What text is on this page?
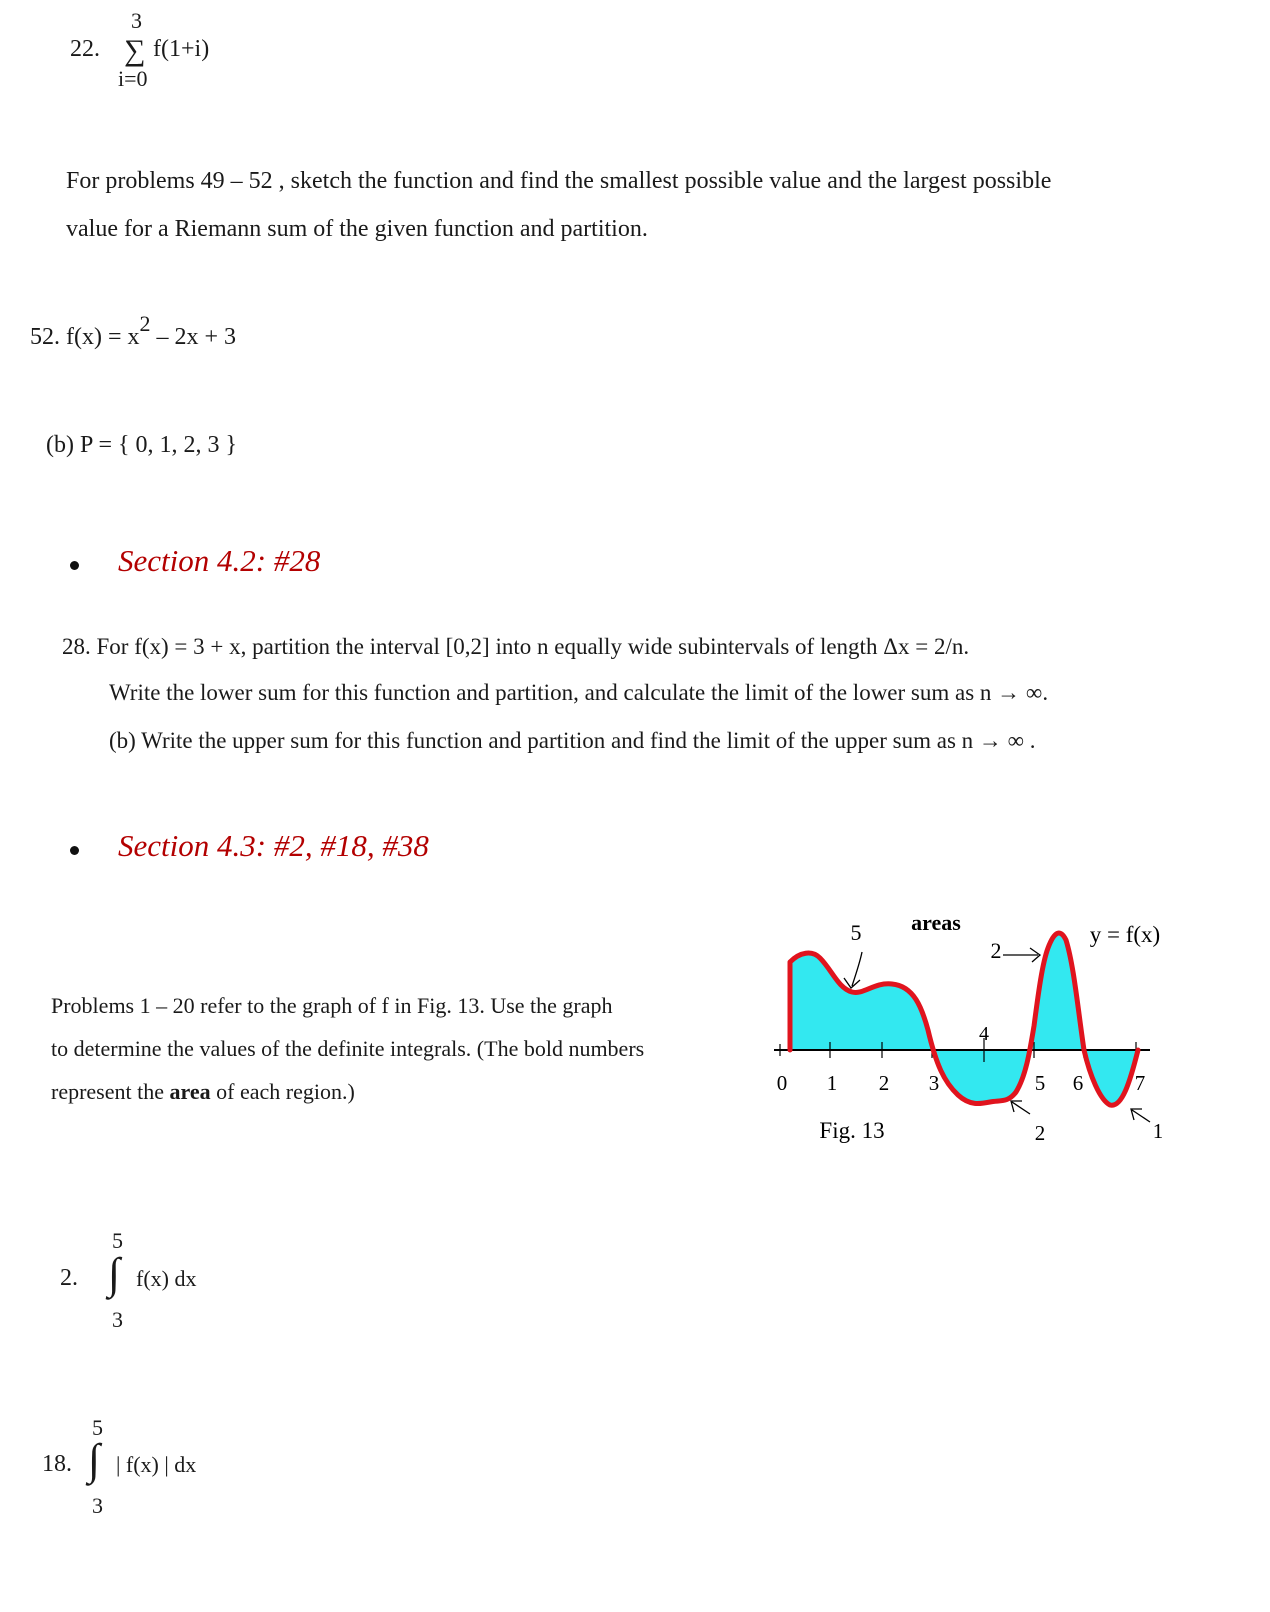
22.
3
∑ f(1+i)
i=0
For problems 49 – 52 , sketch the function and find the smallest possible value and the largest possible
value for a Riemann sum of the given function and partition.
52. $f(x) = x^2 - 2x + 3$
(b) P = { 0, 1, 2, 3 }
Section 4.2: #28
28. For f(x) = 3 + x, partition the interval [0,2] into n equally wide subintervals of length Δx = 2/n.
Write the lower sum for this function and partition, and calculate the limit of the lower sum as n → ∞.
(b) Write the upper sum for this function and partition and find the limit of the upper sum as n → ∞ .
Section 4.3: #2, #18, #38
Problems 1 – 20 refer to the graph of f in Fig. 13. Use the graph
to determine the values of the definite integrals. (The bold numbers
represent the area of each region.)
5 areas
2
y = f(x)
4
2	1
0 1 2 3	5 6 7
Fig. 13
5
2. ∫ f(x) dx
3
5
18. ∫ | f(x) | dx
3
